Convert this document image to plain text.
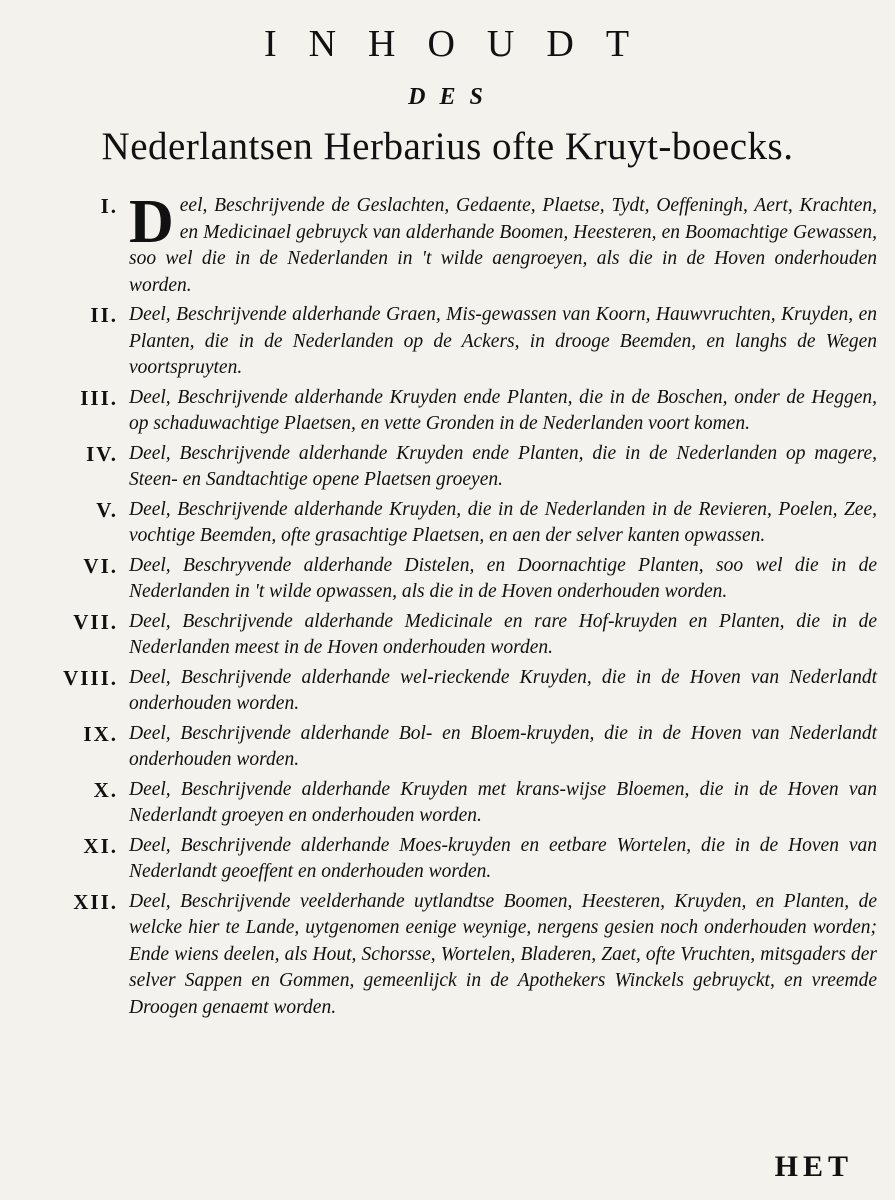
INHOUDT
DES
Nederlantsen Herbarius ofte Kruyt-boecks.
I. Deel, Beschrijvende de Geslachten, Gedaente, Plaetse, Tydt, Oeffeningh, Aert, Krachten, en Medicinael gebruyck van alderhande Boomen, Heesteren, en Boomachtige Gewassen, soo wel die in de Nederlanden in 't wilde aengroeyen, als die in de Hoven onderhouden worden.
II. Deel, Beschrijvende alderhande Graen, Mis-gewassen van Koorn, Hauwvruchten, Kruyden, en Planten, die in de Nederlanden op de Ackers, in drooge Beemden, en langhs de Wegen voortspruyten.
III. Deel, Beschrijvende alderhande Kruyden ende Planten, die in de Boschen, onder de Heggen, op schaduwachtige Plaetsen, en vette Gronden in de Nederlanden voort komen.
IV. Deel, Beschrijvende alderhande Kruyden ende Planten, die in de Nederlanden op magere, Steen- en Sandtachtige opene Plaetsen groeyen.
V. Deel, Beschrijvende alderhande Kruyden, die in de Nederlanden in de Revieren, Poelen, Zee, vochtige Beemden, ofte grasachtige Plaetsen, en aen der selver kanten opwassen.
VI. Deel, Beschryvende alderhande Distelen, en Doornachtige Planten, soo wel die in de Nederlanden in 't wilde opwassen, als die in de Hoven onderhouden worden.
VII. Deel, Beschrijvende alderhande Medicinale en rare Hof-kruyden en Planten, die in de Nederlanden meest in de Hoven onderhouden worden.
VIII. Deel, Beschrijvende alderhande wel-rieckende Kruyden, die in de Hoven van Nederlandt onderhouden worden.
IX. Deel, Beschrijvende alderhande Bol- en Bloem-kruyden, die in de Hoven van Nederlandt onderhouden worden.
X. Deel, Beschrijvende alderhande Kruyden met krans-wijse Bloemen, die in de Hoven van Nederlandt groeyen en onderhouden worden.
XI. Deel, Beschrijvende alderhande Moes-kruyden en eetbare Wortelen, die in de Hoven van Nederlandt geoeffent en onderhouden worden.
XII. Deel, Beschrijvende veelderhande uytlandtse Boomen, Heesteren, Kruyden, en Planten, de welcke hier te Lande, uytgenomen eenige weynige, nergens gesien noch onderhouden worden; Ende wiens deelen, als Hout, Schorsse, Wortelen, Bladeren, Zaet, ofte Vruchten, mitsgaders der selver Sappen en Gommen, gemeenlijck in de Apothekers Winckels gebruyckt, en vreemde Droogen genaemt worden.
HET
